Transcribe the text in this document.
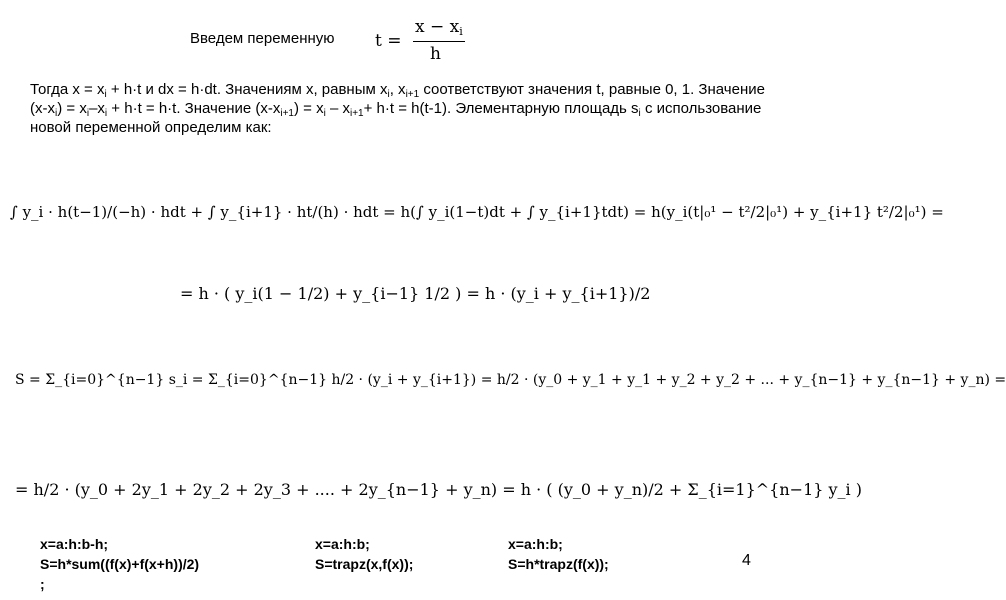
Введем переменную t =
x − xi
h
Тогда $x = x_i + h\cdot t$ и dx = h·dt. Значениям x, равным $x_i$, $x_{i+1}$ соответствуют значения t, равные 0, 1. Значение $(x-x_i) = x_i-x_i + h\cdot t = h\cdot t$. Значение $(x-x_{i+1}) = x_i - x_{i+1}+ h\cdot t = h(t-1)$. Элементарную площадь $s_i$ с использование новой переменной определим как:
∫ y_i · h(t−1)/(−h) · hdt + ∫ y_{i+1} · ht/(h) · hdt = h(∫ y_i(1−t)dt + ∫ y_{i+1}tdt) = h(y_i(t|₀¹ − t²/2|₀¹) + y_{i+1} t²/2|₀¹) =
= h · ( y_i(1 − 1/2) + y_{i−1} 1/2 ) = h · (y_i + y_{i+1})/2
S = Σ_{i=0}^{n−1} s_i = Σ_{i=0}^{n−1} h/2 · (y_i + y_{i+1}) = h/2 · (y_0 + y_1 + y_1 + y_2 + y_2 + ... + y_{n−1} + y_{n−1} + y_n) =
= h/2 · (y_0 + 2y_1 + 2y_2 + 2y_3 + .... + 2y_{n−1} + y_n) = h · ( (y_0 + y_n)/2 + Σ_{i=1}^{n−1} y_i )
x=a:h:b-h;
S=h*sum((f(x)+f(x+h))/2)
;
x=a:h:b;
S=trapz(x,f(x));
x=a:h:b;
S=h*trapz(f(x));	4
